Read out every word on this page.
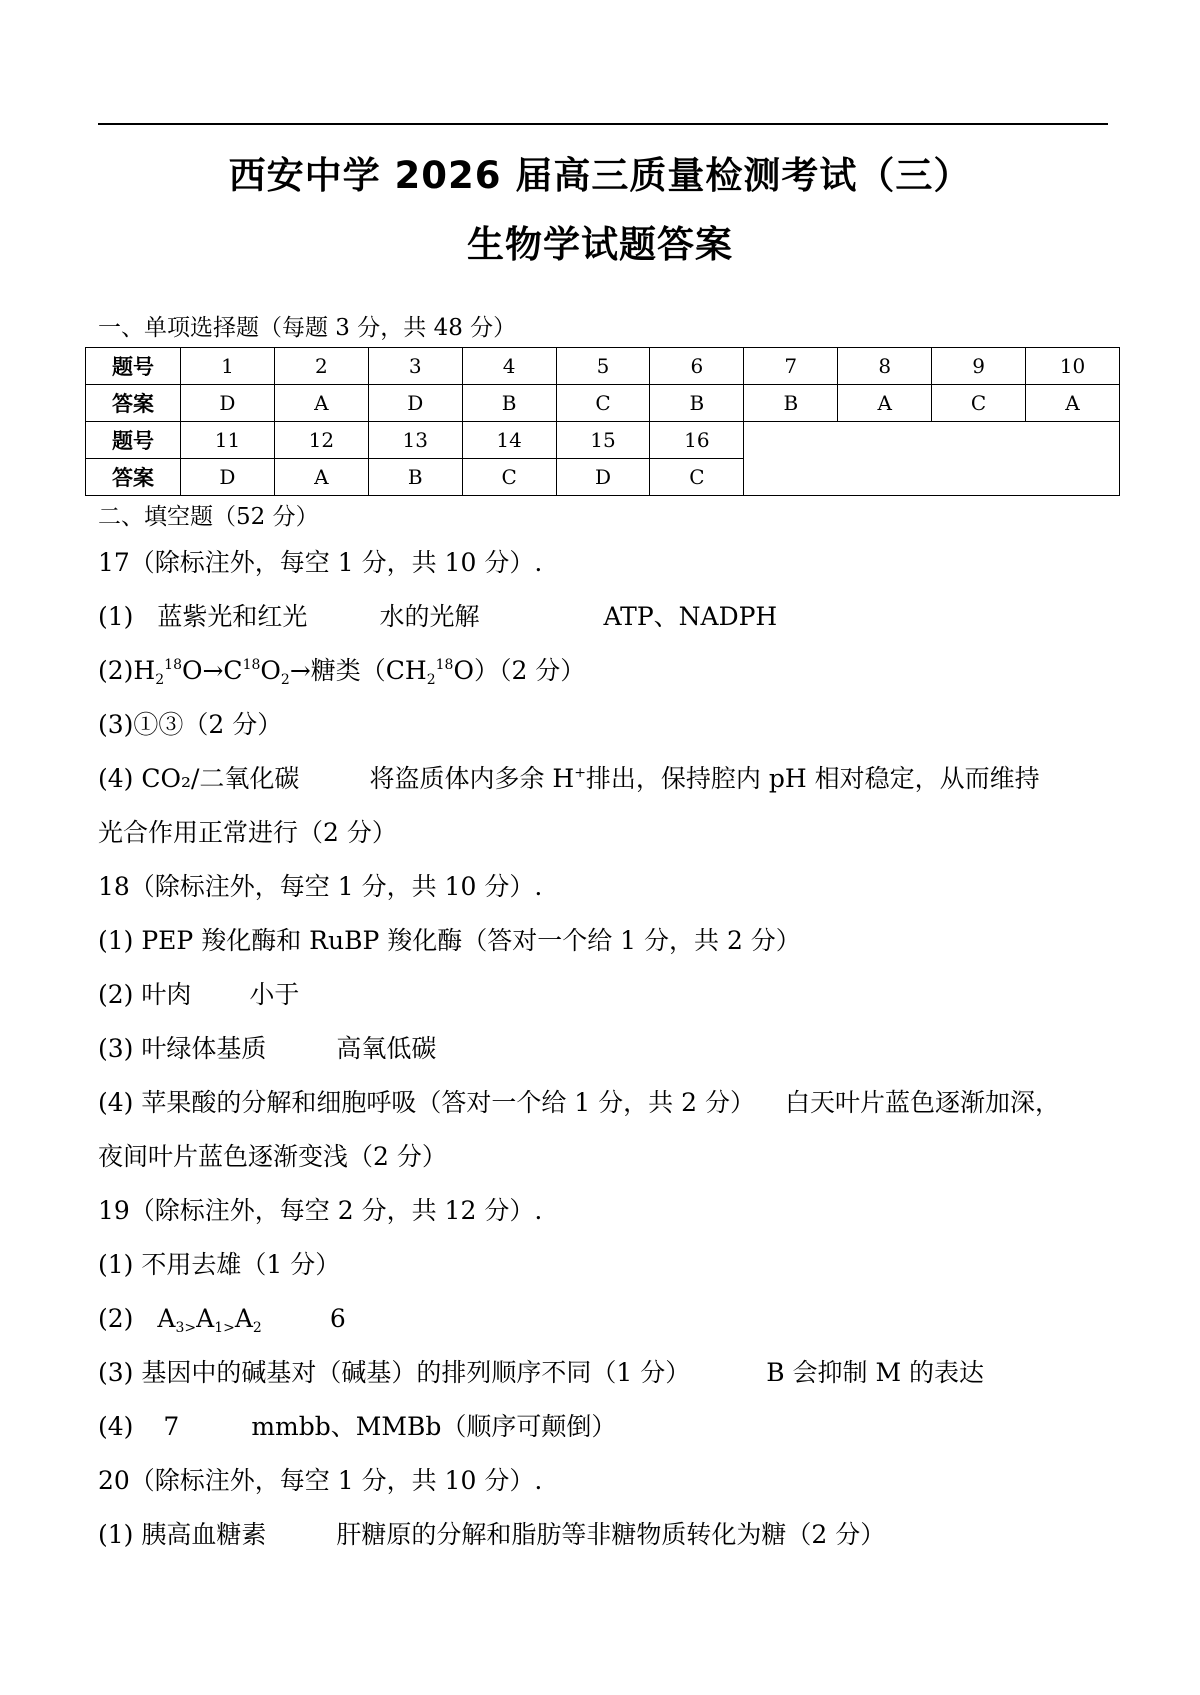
西安中学 2026 届高三质量检测考试（三）
生物学试题答案
一、单项选择题（每题 3 分，共 48 分）
题号	1	2	3	4	5	6	7	8	9	10
答案	D	A	D	B	C	B	B	A	C	A
题号	11	12	13	14	15	16				
答案	D	A	B	C	D	C				
二、填空题（52 分）
17（除标注外，每空 1 分，共 10 分）.
(1) 蓝紫光和红光	水的光解	ATP、NADPH
$(2)H_2^{18}O\to C^{18}O_2\to$糖类$(CH_2^{18}O)(2$ 分）
(3)①③（2 分）
(4) CO₂/二氧化碳	将盗质体内多余 H+排出，保持腔内 pH 相对稳定，从而维持
光合作用正常进行（2 分）
18（除标注外，每空 1 分，共 10 分）.
(1) PEP 羧化酶和 RuBP 羧化酶（答对一个给 1 分，共 2 分）
(2) 叶肉 小于
(3) 叶绿体基质	高氧低碳
(4) 苹果酸的分解和细胞呼吸（答对一个给 1 分，共 2 分） 白天叶片蓝色逐渐加深，
夜间叶片蓝色逐渐变浅（2 分）
19（除标注外，每空 2 分，共 12 分）.
(1) 不用去雄（1 分）
(2) $A_{3>}A_{1>}A_2$	6
(3) 基因中的碱基对（碱基）的排列顺序不同（1 分）	B 会抑制 M 的表达
(4) 7	mmbb、MMBb（顺序可颠倒）
20（除标注外，每空 1 分，共 10 分）.
(1) 胰高血糖素	肝糖原的分解和脂肪等非糖物质转化为糖（2 分）
